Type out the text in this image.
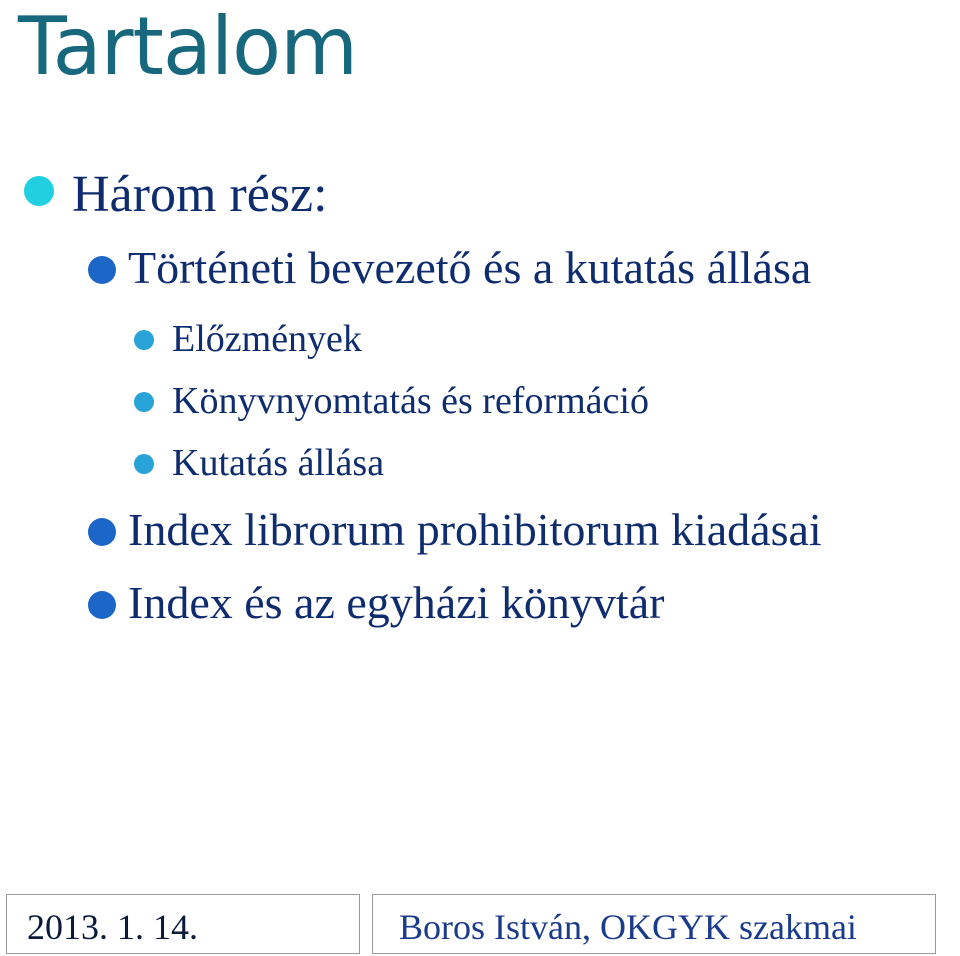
Tartalom
Három rész:
Történeti bevezető és a kutatás állása
Előzmények
Könyvnyomtatás és reformáció
Kutatás állása
Index librorum prohibitorum kiadásai
Index és az egyházi könyvtár
2013. 1. 14.	Boros István, OKGYK szakmai
